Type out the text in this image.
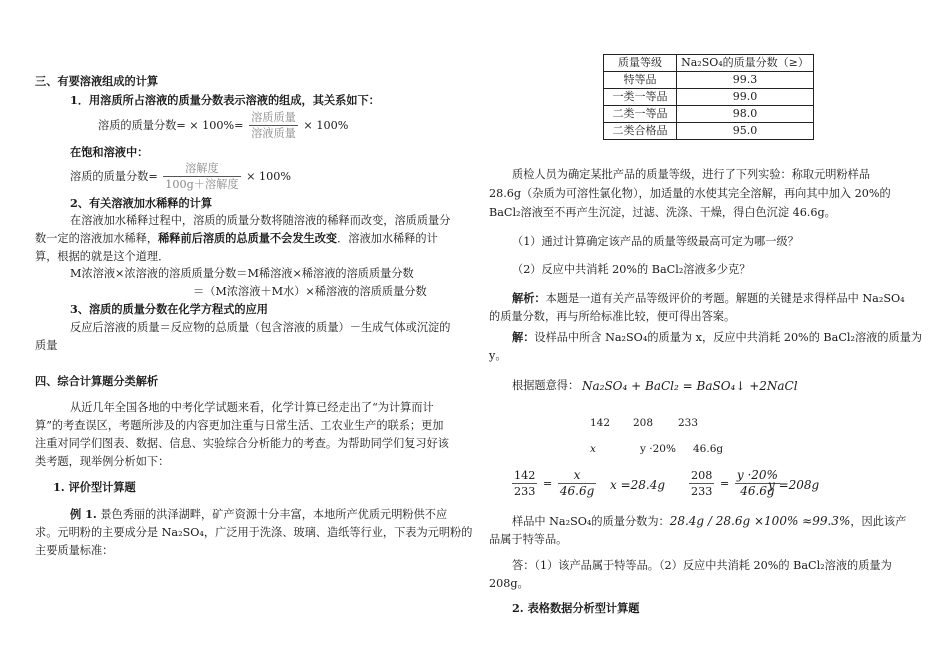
三、有要溶液组成的计算
1．用溶质所占溶液的质量分数表示溶液的组成，其关系如下：
溶质的质量分数= × $100\%= \frac{\text{溶质质量}}{\text{溶液质量}} \times 100\%$
在饱和溶液中：
溶质的质量分数= $\frac{\text{溶解度}}{\text{100g＋溶解度}} \times 100\%$
2、有关溶液加水稀释的计算
在溶液加水稀释过程中，溶质的质量分数将随溶液的稀释而改变，溶质质量分
数一定的溶液加水稀释，稀释前后溶质的总质量不会发生改变．溶液加水稀释的计
算，根据的就是这个道理．
M浓溶液×浓溶液的溶质质量分数＝M稀溶液×稀溶液的溶质质量分数
＝（M浓溶液＋M水）×稀溶液的溶质质量分数
3、溶质的质量分数在化学方程式的应用
反应后溶液的质量＝反应物的总质量（包含溶液的质量）－生成气体或沉淀的
质量
四、综合计算题分类解析
从近几年全国各地的中考化学试题来看，化学计算已经走出了“为计算而计
算”的考查误区，考题所涉及的内容更加注重与日常生活、工农业生产的联系；更加
注重对同学们图表、数据、信息、实验综合分析能力的考查。为帮助同学们复习好该
类考题，现举例分析如下：
1. 评价型计算题
例 1. 景色秀丽的洪泽湖畔，矿产资源十分丰富，本地所产优质元明粉供不应
求。元明粉的主要成分是 Na₂SO₄，广泛用于洗涤、玻璃、造纸等行业，下表为元明粉的
主要质量标准：
质量等级	Na₂SO₄的质量分数（≥）
特等品	99.3
一类一等品	99.0
二类一等品	98.0
二类合格品	95.0
质检人员为确定某批产品的质量等级，进行了下列实验：称取元明粉样品
28.6g（杂质为可溶性氯化物），加适量的水使其完全溶解，再向其中加入 20%的
BaCl₂溶液至不再产生沉淀，过滤、洗涤、干燥，得白色沉淀 46.6g。
（1）通过计算确定该产品的质量等级最高可定为哪一级？
（2）反应中共消耗 20%的 BaCl₂溶液多少克？
解析：本题是一道有关产品等级评价的考题。解题的关键是求得样品中 Na₂SO₄
的质量分数，再与所给标准比较，便可得出答案。
解：设样品中所含 Na₂SO₄的质量为 x，反应中共消耗 20%的 BaCl₂溶液的质量为
y。
根据题意得： Na₂SO₄ + BaCl₂ = BaSO₄↓ +2NaCl
142 208 233
x	y ·20% 46.6g
$\frac{142}{233} = \frac{x}{46.6g}$ $x =28.4g \frac{208}{233} = \frac{y \cdot 20\%}{46.6g}$
y =208g
样品中 Na₂SO₄的质量分数为：28.4g / 28.6g ×100% ≈99.3%，因此该产
品属于特等品。
答：（1）该产品属于特等品。（2）反应中共消耗 20%的 BaCl₂溶液的质量为
208g。
2. 表格数据分析型计算题
